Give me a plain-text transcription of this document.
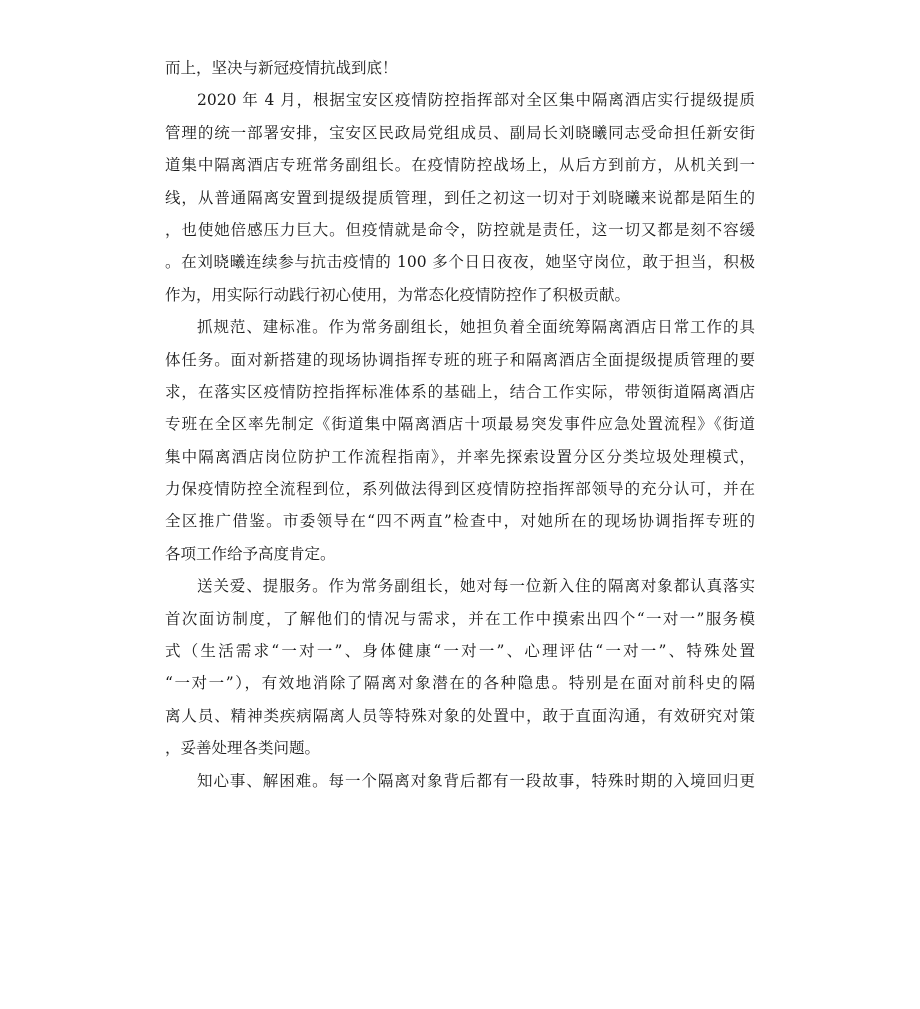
而上，坚决与新冠疫情抗战到底！
2020 年 4 月，根据宝安区疫情防控指挥部对全区集中隔离酒店实行提级提质
管理的统一部署安排，宝安区民政局党组成员、副局长刘晓曦同志受命担任新安街
道集中隔离酒店专班常务副组长。在疫情防控战场上，从后方到前方，从机关到一
线，从普通隔离安置到提级提质管理，到任之初这一切对于刘晓曦来说都是陌生的
，也使她倍感压力巨大。但疫情就是命令，防控就是责任，这一切又都是刻不容缓
。在刘晓曦连续参与抗击疫情的 100 多个日日夜夜，她坚守岗位，敢于担当，积极
作为，用实际行动践行初心使用，为常态化疫情防控作了积极贡献。
抓规范、建标准。作为常务副组长，她担负着全面统筹隔离酒店日常工作的具
体任务。面对新搭建的现场协调指挥专班的班子和隔离酒店全面提级提质管理的要
求，在落实区疫情防控指挥标准体系的基础上，结合工作实际，带领街道隔离酒店
专班在全区率先制定《街道集中隔离酒店十项最易突发事件应急处置流程》《街道
集中隔离酒店岗位防护工作流程指南》，并率先探索设置分区分类垃圾处理模式，
力保疫情防控全流程到位，系列做法得到区疫情防控指挥部领导的充分认可，并在
全区推广借鉴。市委领导在“四不两直”检查中，对她所在的现场协调指挥专班的
各项工作给予高度肯定。
送关爱、提服务。作为常务副组长，她对每一位新入住的隔离对象都认真落实
首次面访制度，了解他们的情况与需求，并在工作中摸索出四个“一对一”服务模
式（生活需求“一对一”、身体健康“一对一”、心理评估“一对一”、特殊处置
“一对一”），有效地消除了隔离对象潜在的各种隐患。特别是在面对前科史的隔
离人员、精神类疾病隔离人员等特殊对象的处置中，敢于直面沟通，有效研究对策
，妥善处理各类问题。
知心事、解困难。每一个隔离对象背后都有一段故事，特殊时期的入境回归更
